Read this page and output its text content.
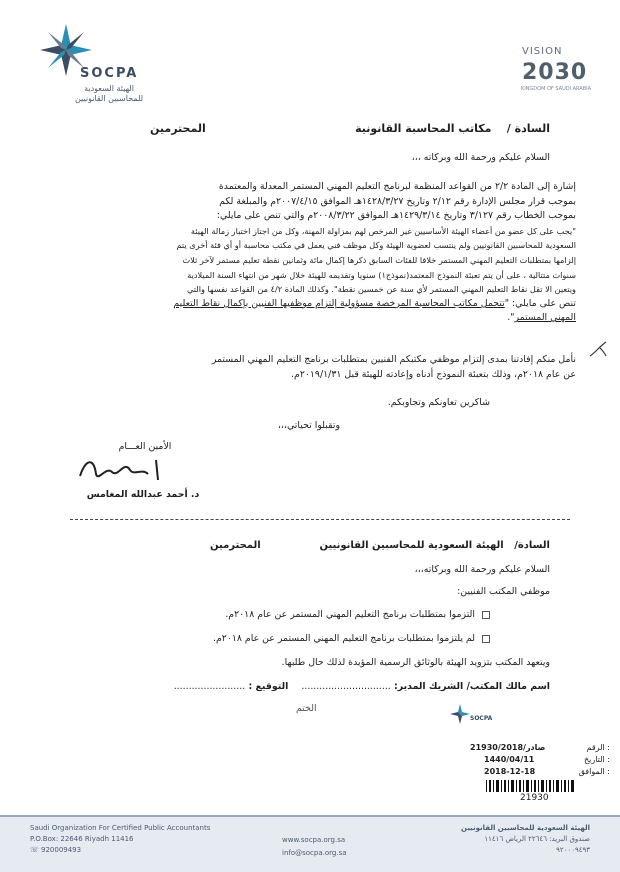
SOCPA
الهيئة السعودية للمحاسبين القانونيين
VISION
2030
KINGDOM OF SAUDI ARABIA
السادة /    مكاتب المحاسبة القانونية
المحترمين
السلام عليكم ورحمة الله وبركاته ،،،
إشارة إلى المادة ٢/٢ من القواعد المنظمة لبرنامج التعليم المهني المستمر المعدلة والمعتمدة
بموجب قرار مجلس الإدارة رقم ٢/١٢ وتاريخ ١٤٢٨/٣/٢٧هـ الموافق ٢٠٠٧/٤/١٥م والمبلغة لكم
بموجب الخطاب رقم ٣/١٢٧ وتاريخ ١٤٢٩/٣/١٤هـ الموافق ٢٠٠٨/٣/٢٢م والتي تنص على مايلي:
"يجب على كل عضو من أعضاء الهيئة الأساسيين غير المرخص لهم بمزاولة المهنة، وكل من اجتاز اختبار زمالة الهيئة
السعودية للمحاسبين القانونيين ولم ينتسب لعضوية الهيئة وكل موظف فني يعمل في مكتب محاسبة أو أي فئة أخرى يتم
إلزامها بمتطلبات التعليم المهني المستمر خلافا للفئات السابق ذكرها إكمال مائة وثمانين نقطة تعليم مستمر لآخر ثلاث
سنوات متتالية ، على أن يتم تعبئة النموذج المعتمد(نموذج١) سنويا وتقديمه للهيئة خلال شهر من انتهاء السنة الميلادية
ويتعين الا تقل نقاط التعليم المهني المستمر لأي سنة عن خمسين نقطة". وكذلك المادة ٤/٢ من القواعد نفسها والتي
تنص على مايلي: "تتحمل مكاتب المحاسبة المرخصة مسؤولية إلتزام موظفيها الفنيين بإكمال نقاط التعليم
المهني المستمر".
نأمل منكم إفادتنا بمدى إلتزام موظفي مكتبكم الفنيين بمتطلبات برنامج التعليم المهني المستمر
عن عام ٢٠١٨م، وذلك بتعبئة النموذج أدناه وإعادته للهيئة قبل ٢٠١٩/١/٣١م.
شاكرين تعاونكم وتجاوبكم.
وتقبلوا تحياتي،،،
الأمين العـــام
د. أحمد عبدالله المغامس
السادة/   الهيئة السعودية للمحاسبين القانونيين
المحترمين
السلام عليكم ورحمة الله وبركاته،،،
موظفي المكتب الفنيين:
التزموا بمتطلبات برنامج التعليم المهني المستمر عن عام ٢٠١٨م.
لم يلتزموا بمتطلبات برنامج التعليم المهني المستمر عن عام ٢٠١٨م.
ويتعهد المكتب بتزويد الهيئة بالوثائق الرسمية المؤيدة لذلك حال طلبها.
اسم مالك المكتب/ الشريك المدير: ..............................    التوقيع : ........................
الختم
SOCPA
21930/2018/صادر	الرقم :
1440/04/11	التاريخ :
2018-12-18	الموافق :
21930
Saudi Organization For Certified Public Accountants
P.O.Box: 22646 Riyadh 11416
☏ 920009493
www.socpa.org.sa
info@socpa.org.sa
الهيئة السعودية للمحاسبين القانونيين
صندوق البريد: ٢٢٦٤٦ الرياض ١١٤١٦
٩٢٠٠٠٩٤٩٣
